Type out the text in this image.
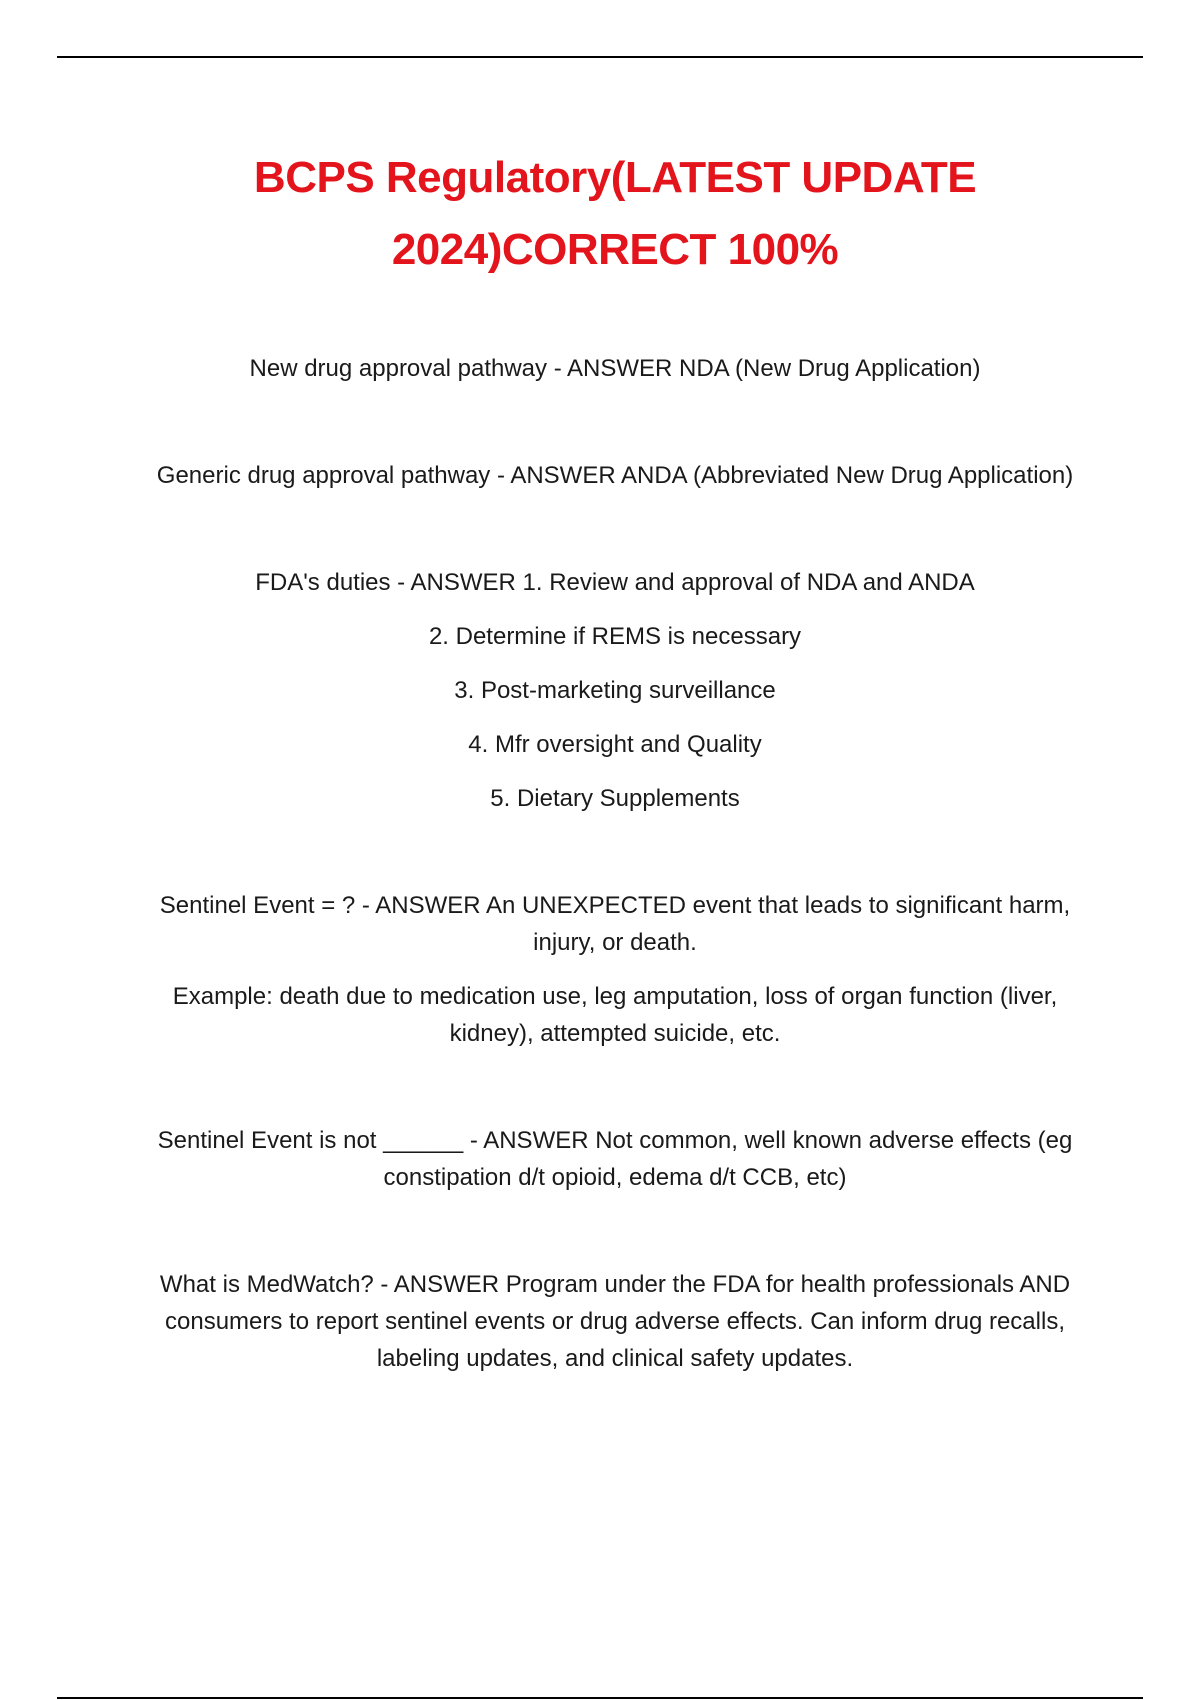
BCPS Regulatory(LATEST UPDATE
2024)CORRECT 100%

New drug approval pathway - ANSWER NDA (New Drug Application)

Generic drug approval pathway - ANSWER ANDA (Abbreviated New Drug Application)

FDA's duties - ANSWER 1. Review and approval of NDA and ANDA

2. Determine if REMS is necessary

3. Post-marketing surveillance

4. Mfr oversight and Quality

5. Dietary Supplements

Sentinel Event = ? - ANSWER An UNEXPECTED event that leads to significant harm, injury, or death.

Example: death due to medication use, leg amputation, loss of organ function (liver, kidney), attempted suicide, etc.

Sentinel Event is not ______ - ANSWER Not common, well known adverse effects (eg constipation d/t opioid, edema d/t CCB, etc)

What is MedWatch? - ANSWER Program under the FDA for health professionals AND consumers to report sentinel events or drug adverse effects. Can inform drug recalls, labeling updates, and clinical safety updates.
